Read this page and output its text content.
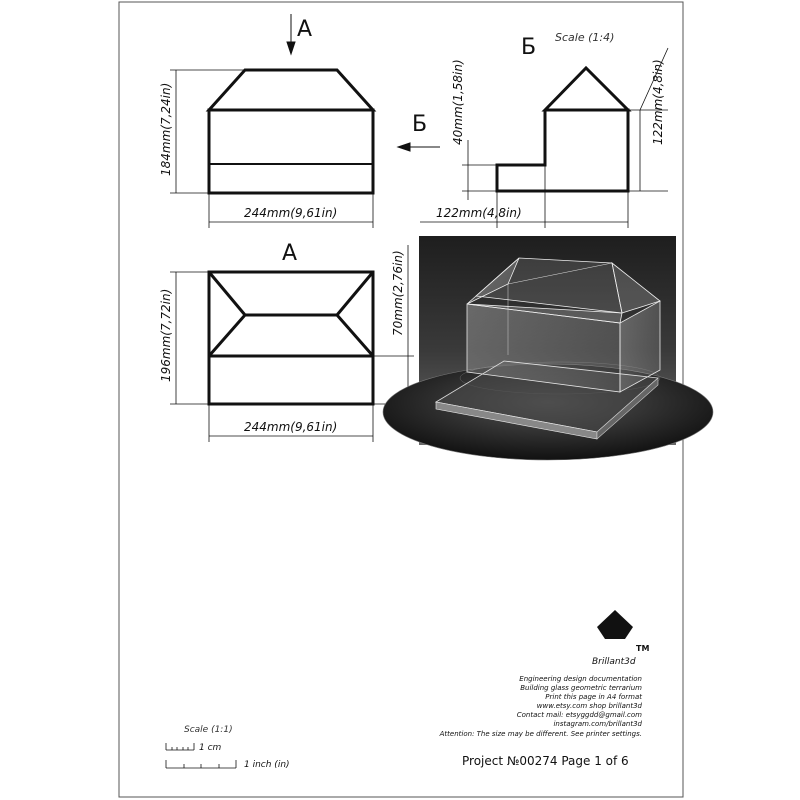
184mm(7,24in)
244mm(9,61in)
A
40mm(1,58in)	122mm(4,8in)
122mm(4,8in)
Б Scale (1:4)
Б
196mm(7,72in)	70mm(2,76in)
244mm(9,61in)
A
TM
Brillant3d
Engineering design documentation
Building glass geometric terrarium
Print this page in A4 format
www.etsy.com shop brillant3d
Contact mail: etsyggdd@gmail.com
instagram.com/brillant3d
Attention: The size may be different. See printer settings.
Project №00274 Page 1 of 6
Scale (1:1)
1 cm
1 inch (in)
